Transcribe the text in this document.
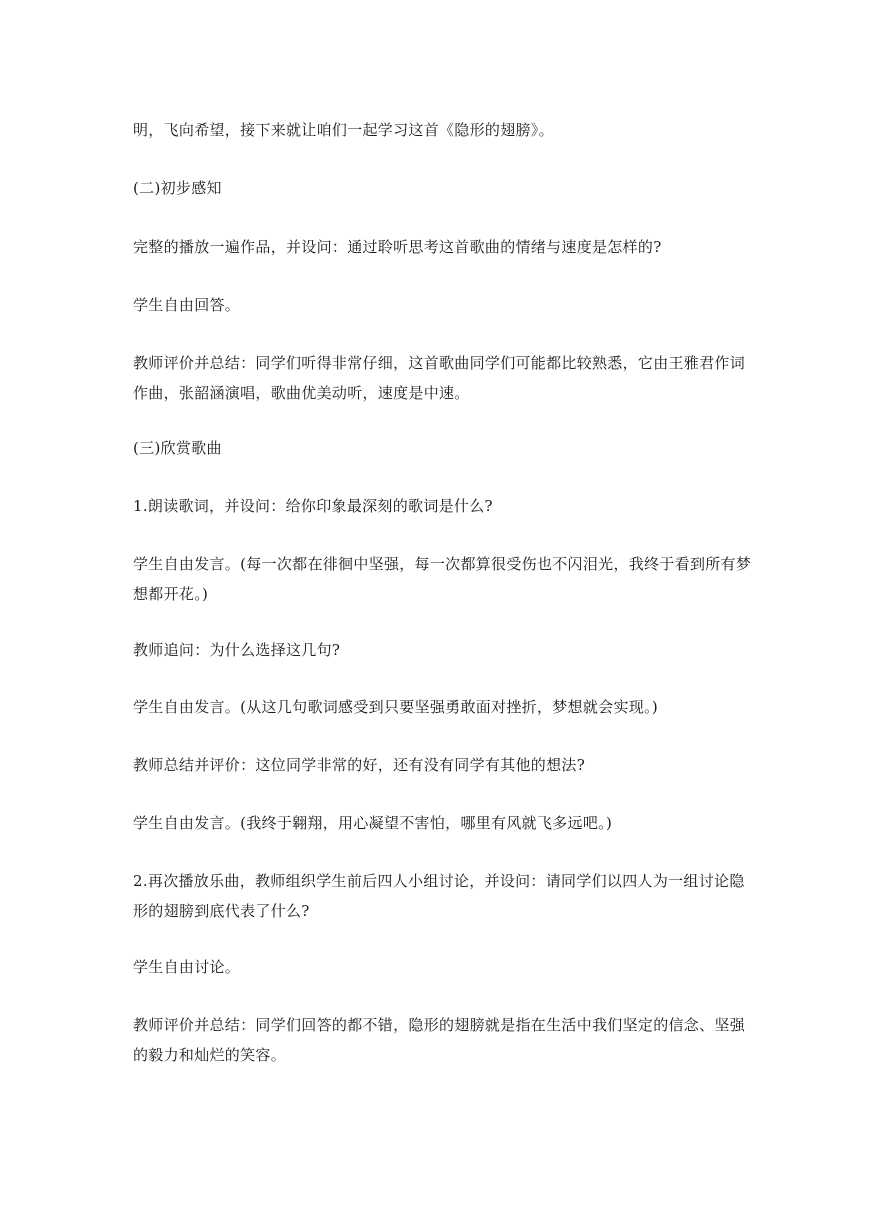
明，飞向希望，接下来就让咱们一起学习这首《隐形的翅膀》。

(二)初步感知

完整的播放一遍作品，并设问：通过聆听思考这首歌曲的情绪与速度是怎样的?

学生自由回答。

教师评价并总结：同学们听得非常仔细，这首歌曲同学们可能都比较熟悉，它由王雅君作词作曲，张韶涵演唱，歌曲优美动听，速度是中速。

(三)欣赏歌曲

1.朗读歌词，并设问：给你印象最深刻的歌词是什么?

学生自由发言。(每一次都在徘徊中坚强，每一次都算很受伤也不闪泪光，我终于看到所有梦想都开花。)

教师追问：为什么选择这几句?

学生自由发言。(从这几句歌词感受到只要坚强勇敢面对挫折，梦想就会实现。)

教师总结并评价：这位同学非常的好，还有没有同学有其他的想法?

学生自由发言。(我终于翱翔，用心凝望不害怕，哪里有风就飞多远吧。)

2.再次播放乐曲，教师组织学生前后四人小组讨论，并设问：请同学们以四人为一组讨论隐形的翅膀到底代表了什么?

学生自由讨论。

教师评价并总结：同学们回答的都不错，隐形的翅膀就是指在生活中我们坚定的信念、坚强的毅力和灿烂的笑容。
